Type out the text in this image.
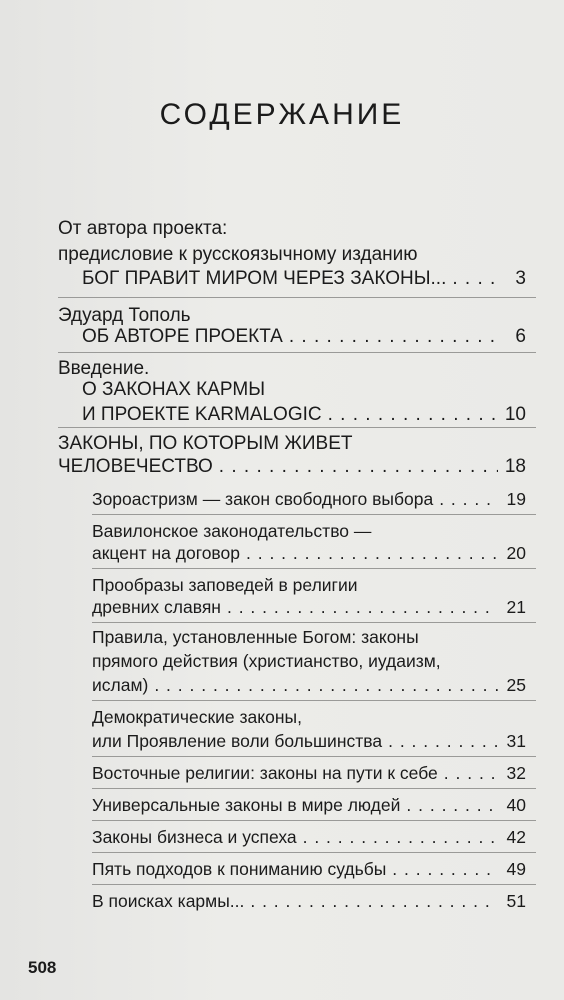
СОДЕРЖАНИЕ
От автора проекта:
предисловие к русскоязычному изданию
БОГ ПРАВИТ МИРОМ ЧЕРЕЗ ЗАКОНЫ... . . .	3
Эдуард Тополь
ОБ АВТОРЕ ПРОЕКТА . . .	6
Введение.
О ЗАКОНАХ КАРМЫ
И ПРОЕКТЕ KARMALOGIC . . .	10
ЗАКОНЫ, ПО КОТОРЫМ ЖИВЕТ
ЧЕЛОВЕЧЕСТВО . . .	18
Зороастризм — закон свободного выбора . . .	19
Вавилонское законодательство —
акцент на договор . . .	20
Прообразы заповедей в религии
древних славян . . .	21
Правила, установленные Богом: законы
прямого действия (христианство, иудаизм,
ислам) . . .	25
Демократические законы,
или Проявление воли большинства . . .	31
Восточные религии: законы на пути к себе . . .	32
Универсальные законы в мире людей . . .	40
Законы бизнеса и успеха . . .	42
Пять подходов к пониманию судьбы . . .	49
В поисках кармы... . . .	51
508
